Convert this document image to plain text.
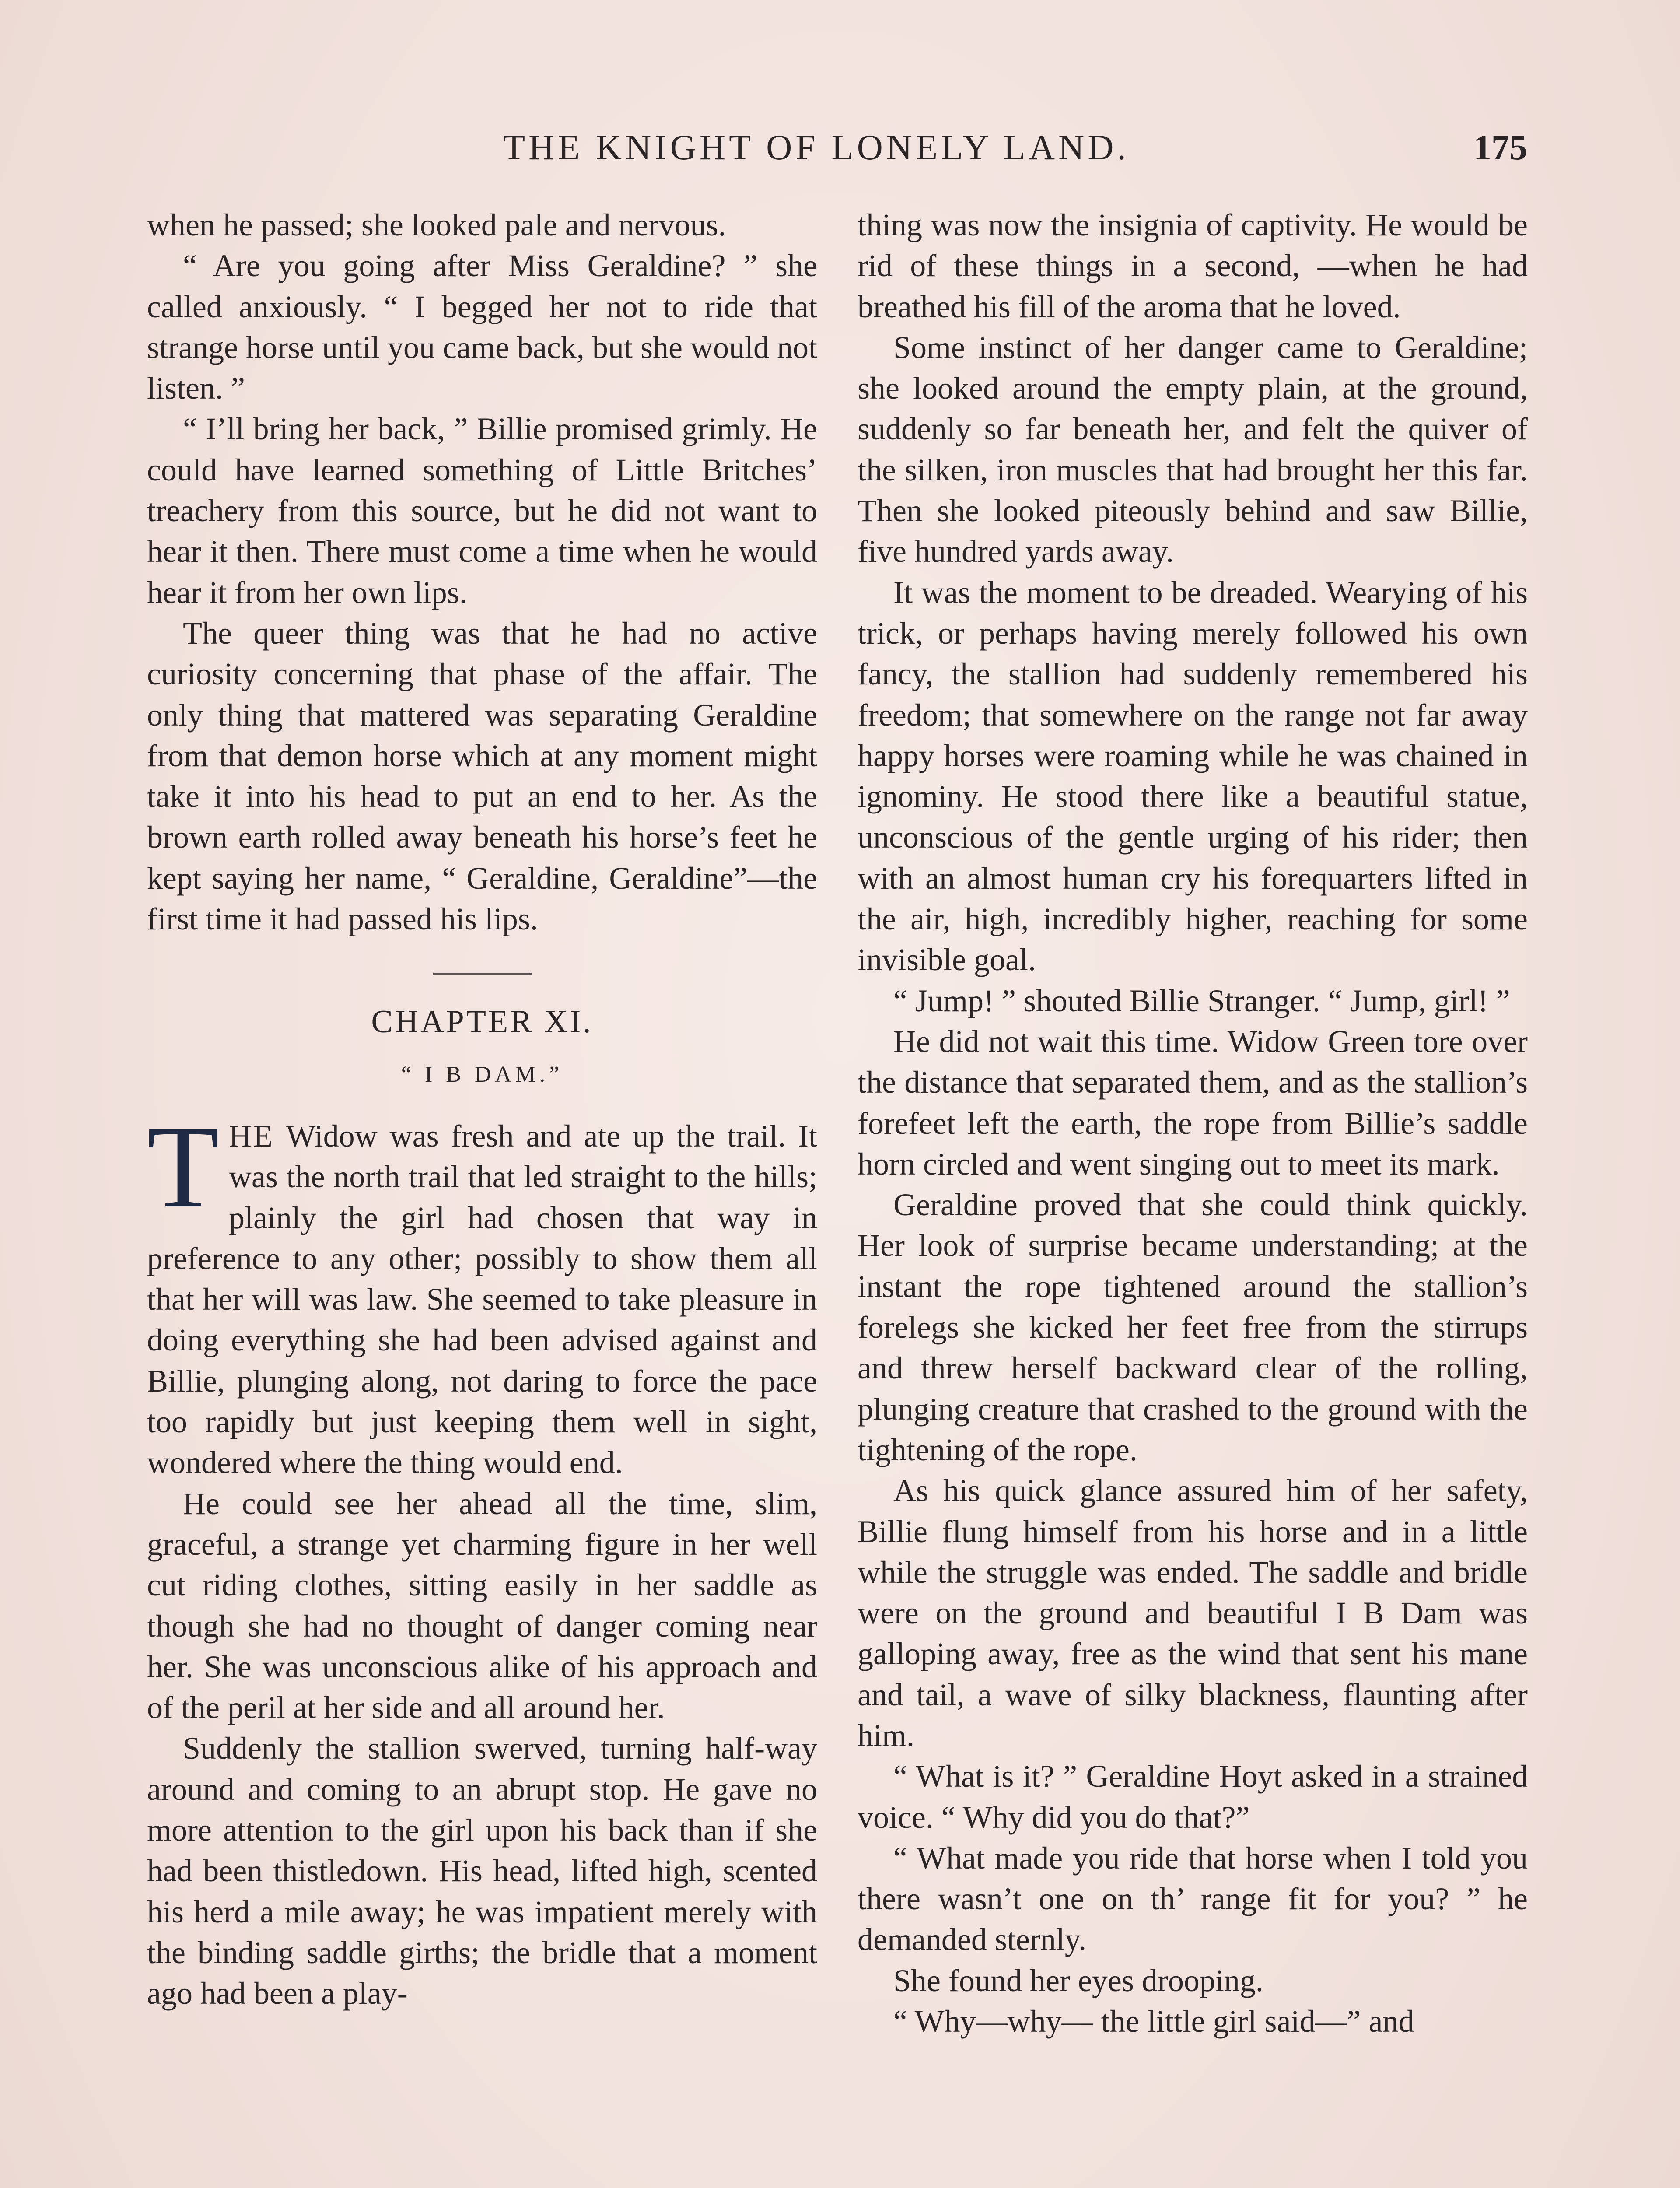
THE KNIGHT OF LONELY LAND.	175

when he passed; she looked pale and nervous.

“ Are you going after Miss Geraldine? ” she called anxiously. “ I begged her not to ride that strange horse until you came back, but she would not listen. ”

“ I’ll bring her back, ” Billie promised grimly. He could have learned something of Little Britches’ treachery from this source, but he did not want to hear it then. There must come a time when he would hear it from her own lips.

The queer thing was that he had no active curiosity concerning that phase of the affair. The only thing that mattered was separating Geraldine from that demon horse which at any moment might take it into his head to put an end to her. As the brown earth rolled away beneath his horse’s feet he kept saying her name, “ Geraldine, Geraldine”—the first time it had passed his lips.

CHAPTER XI.
“ I B DAM.”

THE Widow was fresh and ate up the trail. It was the north trail that led straight to the hills; plainly the girl had chosen that way in preference to any other; possibly to show them all that her will was law. She seemed to take pleasure in doing everything she had been advised against and Billie, plunging along, not daring to force the pace too rapidly but just keeping them well in sight, wondered where the thing would end.

He could see her ahead all the time, slim, graceful, a strange yet charming figure in her well cut riding clothes, sitting easily in her saddle as though she had no thought of danger coming near her. She was unconscious alike of his approach and of the peril at her side and all around her.

Suddenly the stallion swerved, turning half-way around and coming to an abrupt stop. He gave no more attention to the girl upon his back than if she had been thistledown. His head, lifted high, scented his herd a mile away; he was impatient merely with the binding saddle girths; the bridle that a moment ago had been a play-

thing was now the insignia of captivity. He would be rid of these things in a second, —when he had breathed his fill of the aroma that he loved.

Some instinct of her danger came to Geraldine; she looked around the empty plain, at the ground, suddenly so far beneath her, and felt the quiver of the silken, iron muscles that had brought her this far. Then she looked piteously behind and saw Billie, five hundred yards away.

It was the moment to be dreaded. Wearying of his trick, or perhaps having merely followed his own fancy, the stallion had suddenly remembered his freedom; that somewhere on the range not far away happy horses were roaming while he was chained in ignominy. He stood there like a beautiful statue, unconscious of the gentle urging of his rider; then with an almost human cry his forequarters lifted in the air, high, incredibly higher, reaching for some invisible goal.

“ Jump! ” shouted Billie Stranger. “ Jump, girl! ”

He did not wait this time. Widow Green tore over the distance that separated them, and as the stallion’s forefeet left the earth, the rope from Billie’s saddle horn circled and went singing out to meet its mark.

Geraldine proved that she could think quickly. Her look of surprise became understanding; at the instant the rope tightened around the stallion’s forelegs she kicked her feet free from the stirrups and threw herself backward clear of the rolling, plunging creature that crashed to the ground with the tightening of the rope.

As his quick glance assured him of her safety, Billie flung himself from his horse and in a little while the struggle was ended. The saddle and bridle were on the ground and beautiful I B Dam was galloping away, free as the wind that sent his mane and tail, a wave of silky blackness, flaunting after him.

“ What is it? ” Geraldine Hoyt asked in a strained voice. “ Why did you do that?”

“ What made you ride that horse when I told you there wasn’t one on th’ range fit for you? ” he demanded sternly.

She found her eyes drooping.

“ Why—why— the little girl said—” and
